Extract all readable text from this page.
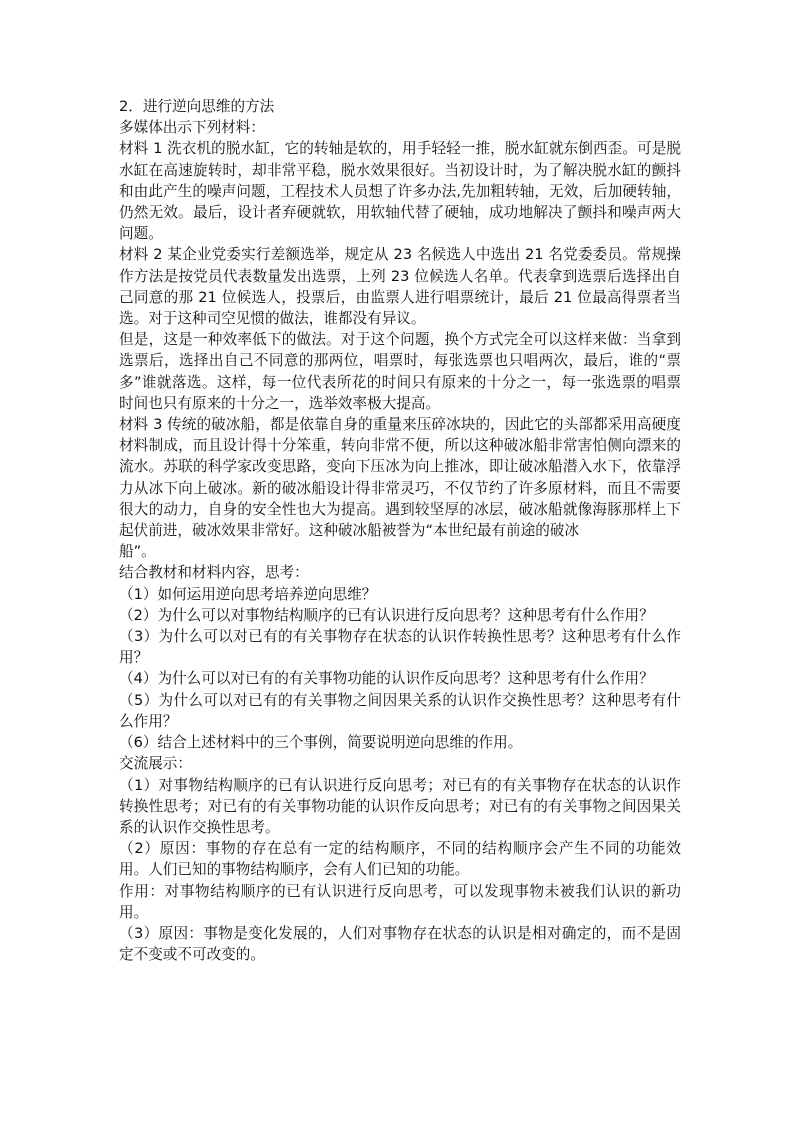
2．进行逆向思维的方法

多媒体出示下列材料：

材料 1 洗衣机的脱水缸，它的转轴是软的，用手轻轻一推，脱水缸就东倒西歪。可是脱水缸在高速旋转时，却非常平稳，脱水效果很好。当初设计时，为了解决脱水缸的颤抖和由此产生的噪声问题，工程技术人员想了许多办法,先加粗转轴，无效，后加硬转轴，仍然无效。最后，设计者弃硬就软，用软轴代替了硬轴，成功地解决了颤抖和噪声两大问题。

材料 2 某企业党委实行差额选举，规定从 23 名候选人中选出 21 名党委委员。常规操作方法是按党员代表数量发出选票，上列 23 位候选人名单。代表拿到选票后选择出自己同意的那 21 位候选人，投票后，由监票人进行唱票统计，最后 21 位最高得票者当选。对于这种司空见惯的做法，谁都没有异议。

但是，这是一种效率低下的做法。对于这个问题，换个方式完全可以这样来做：当拿到选票后，选择出自己不同意的那两位，唱票时，每张选票也只唱两次，最后，谁的“票多”谁就落选。这样，每一位代表所花的时间只有原来的十分之一，每一张选票的唱票时间也只有原来的十分之一，选举效率极大提高。

材料 3 传统的破冰船，都是依靠自身的重量来压碎冰块的，因此它的头部都采用高硬度材料制成，而且设计得十分笨重，转向非常不便，所以这种破冰船非常害怕侧向漂来的流水。苏联的科学家改变思路，变向下压冰为向上推冰，即让破冰船潜入水下，依靠浮力从冰下向上破冰。新的破冰船设计得非常灵巧，不仅节约了许多原材料，而且不需要很大的动力，自身的安全性也大为提高。遇到较坚厚的冰层，破冰船就像海豚那样上下起伏前进，破冰效果非常好。这种破冰船被誉为“本世纪最有前途的破冰

船”。

结合教材和材料内容，思考：

（1）如何运用逆向思考培养逆向思维？

（2）为什么可以对事物结构顺序的已有认识进行反向思考？这种思考有什么作用？

（3）为什么可以对已有的有关事物存在状态的认识作转换性思考？这种思考有什么作用？

（4）为什么可以对已有的有关事物功能的认识作反向思考？这种思考有什么作用？

（5）为什么可以对已有的有关事物之间因果关系的认识作交换性思考？这种思考有什么作用？

（6）结合上述材料中的三个事例，简要说明逆向思维的作用。

交流展示：

（1）对事物结构顺序的已有认识进行反向思考；对已有的有关事物存在状态的认识作转换性思考；对已有的有关事物功能的认识作反向思考；对已有的有关事物之间因果关系的认识作交换性思考。

（2）原因：事物的存在总有一定的结构顺序，不同的结构顺序会产生不同的功能效用。人们已知的事物结构顺序，会有人们已知的功能。

作用：对事物结构顺序的已有认识进行反向思考，可以发现事物未被我们认识的新功用。

（3）原因：事物是变化发展的，人们对事物存在状态的认识是相对确定的，而不是固定不变或不可改变的。
